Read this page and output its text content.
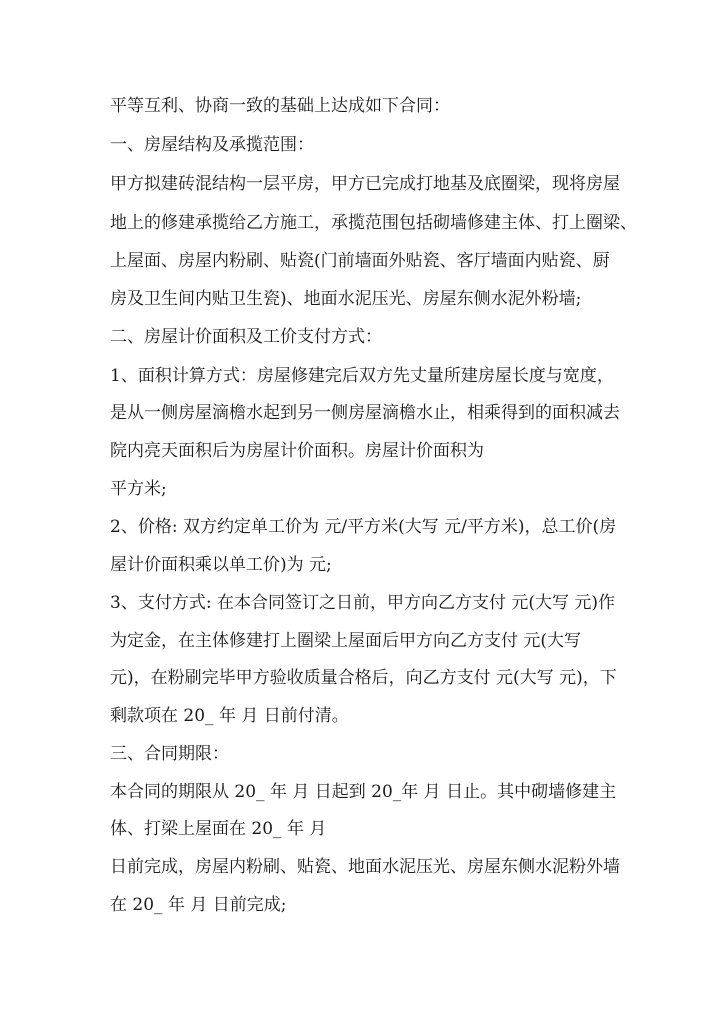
平等互利、协商一致的基础上达成如下合同：
一、房屋结构及承揽范围：
甲方拟建砖混结构一层平房，甲方已完成打地基及底圈梁，现将房屋
地上的修建承揽给乙方施工，承揽范围包括砌墙修建主体、打上圈梁、
上屋面、房屋内粉刷、贴瓷(门前墙面外贴瓷、客厅墙面内贴瓷、厨
房及卫生间内贴卫生瓷)、地面水泥压光、房屋东侧水泥外粉墙;
二、房屋计价面积及工价支付方式：
1、面积计算方式：房屋修建完后双方先丈量所建房屋长度与宽度，
是从一侧房屋滴檐水起到另一侧房屋滴檐水止，相乘得到的面积减去
院内亮天面积后为房屋计价面积。房屋计价面积为
平方米;
2、价格: 双方约定单工价为 元/平方米(大写 元/平方米)，总工价(房
屋计价面积乘以单工价)为 元;
3、支付方式: 在本合同签订之日前，甲方向乙方支付 元(大写 元)作
为定金，在主体修建打上圈梁上屋面后甲方向乙方支付 元(大写
元)，在粉刷完毕甲方验收质量合格后，向乙方支付 元(大写 元)，下
剩款项在 20_ 年 月 日前付清。
三、合同期限：
本合同的期限从 20_ 年 月 日起到 20_年 月 日止。其中砌墙修建主
体、打梁上屋面在 20_ 年 月
日前完成，房屋内粉刷、贴瓷、地面水泥压光、房屋东侧水泥粉外墙
在 20_ 年 月 日前完成;
